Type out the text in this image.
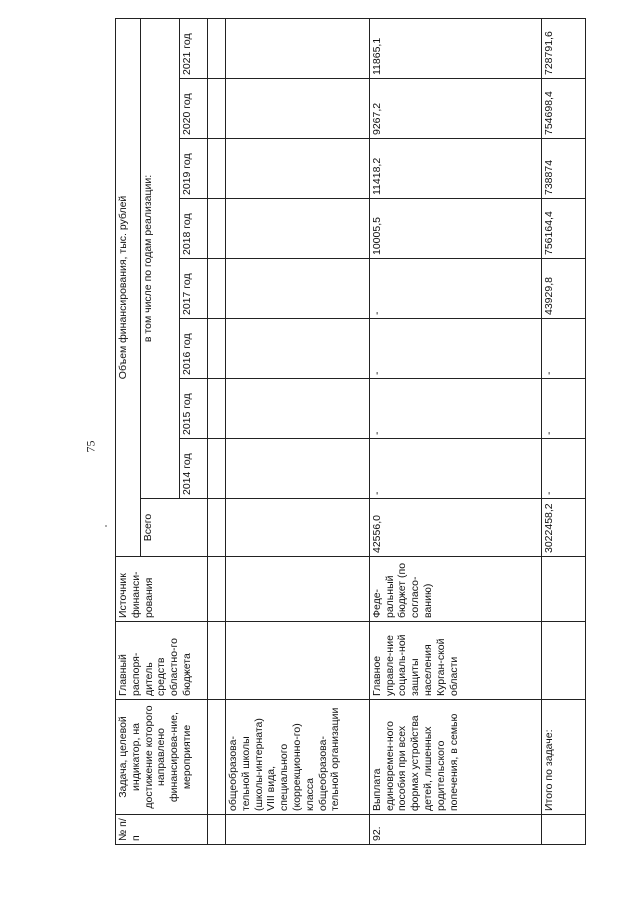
75
№ п/п	Задача, целевой индикатор, на достижение которого направлено финансирова-ние, мероприятие	Главный распоря-дитель средств областно-го бюджета	Источник финанси-рования	Объем финансирования, тыс. рублей								
				Всего	в том числе по годам реализации:							
					2014 год	2015 год	2016 год	2017 год	2018 год	2019 год	2020 год	2021 год

	общеобразова-тельной школы (школы-интерната) VIII вида, специального (коррекционно-го) класса общеобразова-тельной организации											
92.	Выплата единовремен-ного пособия при всех формах устройства детей, лишенных родительского попечения, в семью	Главное управле-ние социаль-ной защиты населения Курган-ской области	Феде-ральный бюджет (по согласо-ванию)	42556,0	-	-	-	-	10005,5	11418,2	9267,2	11865,1
	Итого по задаче:			3022458,2	-	-	-	43929,8	756164,4	738874	754698,4	728791,6
